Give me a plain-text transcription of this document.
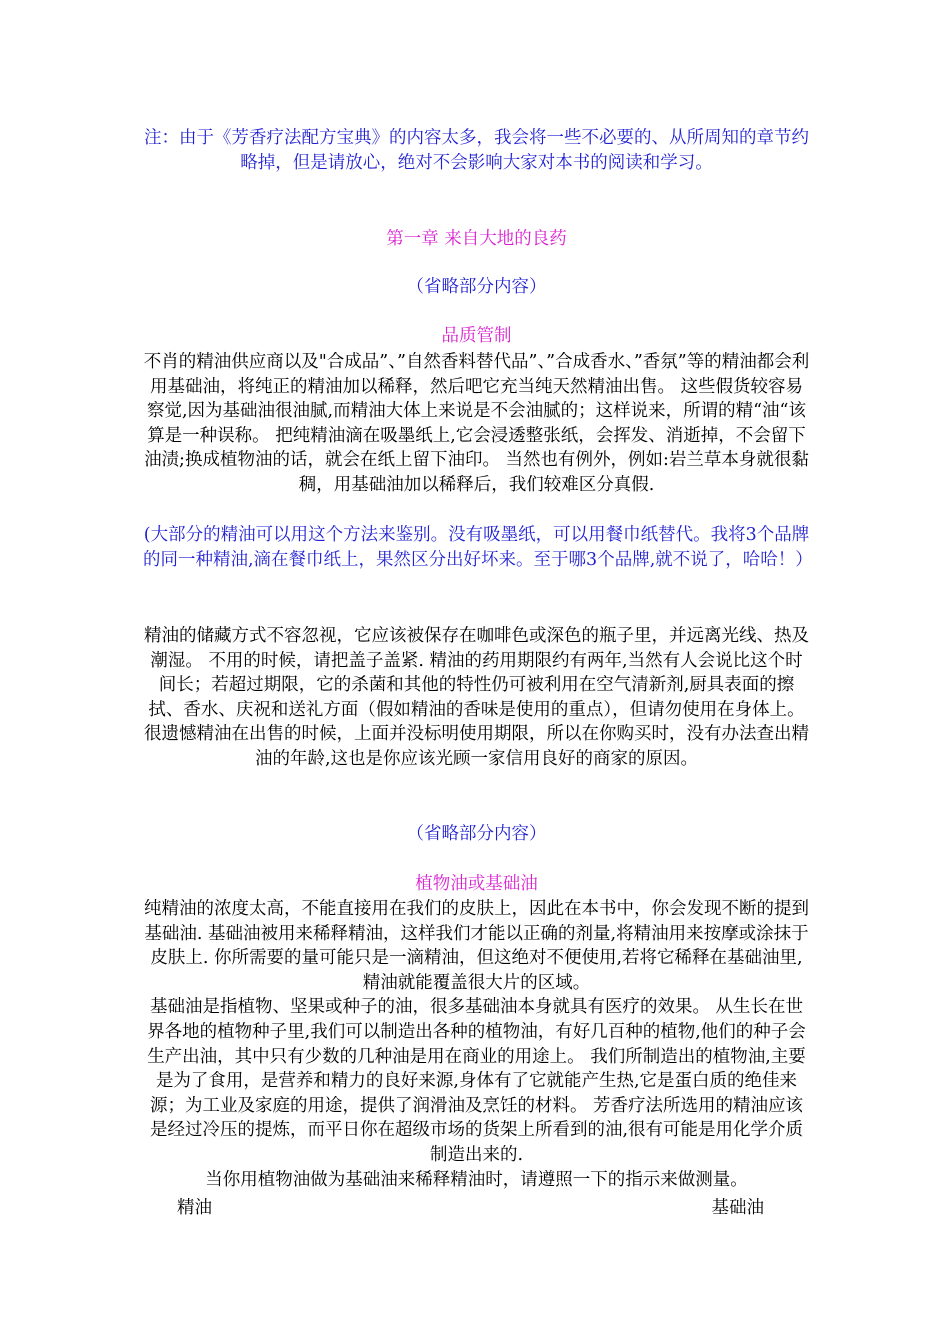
注：由于《芳香疗法配方宝典》的内容太多，我会将一些不必要的、从所周知的章节约略掉，但是请放心，绝对不会影响大家对本书的阅读和学习。

第一章 来自大地的良药

（省略部分内容）

品质管制

不肖的精油供应商以及"合成品”、”自然香料替代品”、”合成香水、”香氛”等的精油都会利用基础油，将纯正的精油加以稀释，然后吧它充当纯天然精油出售。 这些假货较容易察觉,因为基础油很油腻,而精油大体上来说是不会油腻的；这样说来，所谓的精“油“该算是一种误称。 把纯精油滴在吸墨纸上,它会浸透整张纸，会挥发、消逝掉，不会留下油渍;换成植物油的话，就会在纸上留下油印。 当然也有例外，例如:岩兰草本身就很黏稠，用基础油加以稀释后，我们较难区分真假.

(大部分的精油可以用这个方法来鉴别。没有吸墨纸，可以用餐巾纸替代。我将3个品牌的同一种精油,滴在餐巾纸上，果然区分出好坏来。至于哪3个品牌,就不说了，哈哈！）

精油的储藏方式不容忽视，它应该被保存在咖啡色或深色的瓶子里，并远离光线、热及潮湿。 不用的时候，请把盖子盖紧. 精油的药用期限约有两年,当然有人会说比这个时间长；若超过期限，它的杀菌和其他的特性仍可被利用在空气清新剂,厨具表面的擦拭、香水、庆祝和送礼方面（假如精油的香味是使用的重点），但请勿使用在身体上。 很遗憾精油在出售的时候，上面并没标明使用期限，所以在你购买时，没有办法查出精油的年龄,这也是你应该光顾一家信用良好的商家的原因。

（省略部分内容）

植物油或基础油

纯精油的浓度太高，不能直接用在我们的皮肤上，因此在本书中，你会发现不断的提到基础油. 基础油被用来稀释精油，这样我们才能以正确的剂量,将精油用来按摩或涂抹于皮肤上. 你所需要的量可能只是一滴精油，但这绝对不便使用,若将它稀释在基础油里,精油就能覆盖很大片的区域。

基础油是指植物、坚果或种子的油，很多基础油本身就具有医疗的效果。 从生长在世界各地的植物种子里,我们可以制造出各种的植物油，有好几百种的植物,他们的种子会生产出油，其中只有少数的几种油是用在商业的用途上。 我们所制造出的植物油,主要是为了食用，是营养和精力的良好来源,身体有了它就能产生热,它是蛋白质的绝佳来源；为工业及家庭的用途，提供了润滑油及烹饪的材料。 芳香疗法所选用的精油应该是经过冷压的提炼，而平日你在超级市场的货架上所看到的油,很有可能是用化学介质制造出来的.

当你用植物油做为基础油来稀释精油时，请遵照一下的指示来做测量。

精油	基础油
